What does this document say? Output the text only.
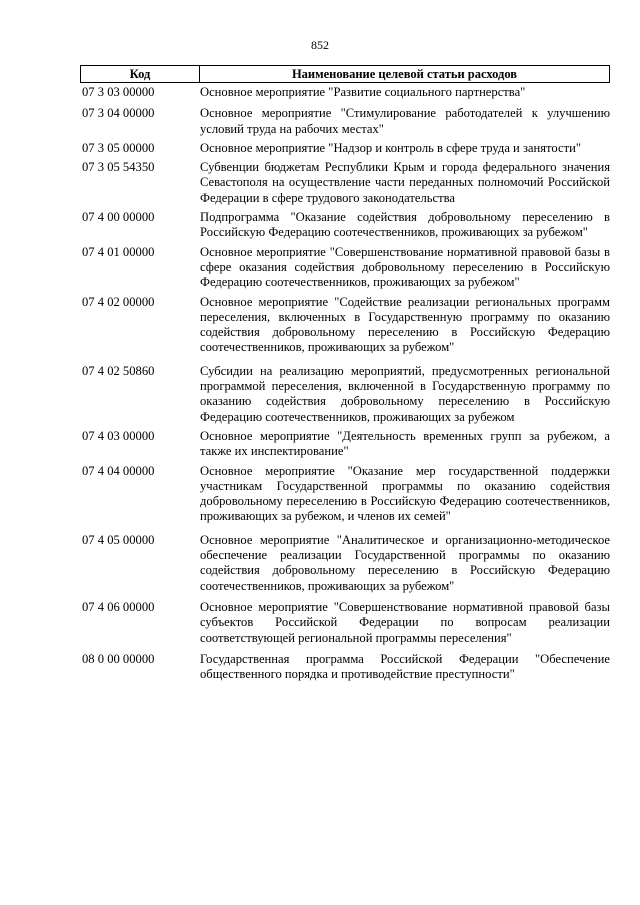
852
Код	Наименование целевой статьи расходов
07 3 03 00000	Основное мероприятие "Развитие социального партнерства"
07 3 04 00000	Основное мероприятие "Стимулирование работодателей к улучшению условий труда на рабочих местах"
07 3 05 00000	Основное мероприятие "Надзор и контроль в сфере труда и занятости"
07 3 05 54350	Субвенции бюджетам Республики Крым и города федерального значения Севастополя на осуществление части переданных полномочий Российской Федерации в сфере трудового законодательства
07 4 00 00000	Подпрограмма "Оказание содействия добровольному переселению в Российскую Федерацию соотечественников, проживающих за рубежом"
07 4 01 00000	Основное мероприятие "Совершенствование нормативной правовой базы в сфере оказания содействия добровольному переселению в Российскую Федерацию соотечественников, проживающих за рубежом"
07 4 02 00000	Основное мероприятие "Содействие реализации региональных программ переселения, включенных в Государственную программу по оказанию содействия добровольному переселению в Российскую Федерацию соотечественников, проживающих за рубежом"
07 4 02 50860	Субсидии на реализацию мероприятий, предусмотренных региональной программой переселения, включенной в Государственную программу по оказанию содействия добровольному переселению в Российскую Федерацию соотечественников, проживающих за рубежом
07 4 03 00000	Основное мероприятие "Деятельность временных групп за рубежом, а также их инспектирование"
07 4 04 00000	Основное мероприятие "Оказание мер государственной поддержки участникам Государственной программы по оказанию содействия добровольному переселению в Российскую Федерацию соотечественников, проживающих за рубежом, и членов их семей"
07 4 05 00000	Основное мероприятие "Аналитическое и организационно-методическое обеспечение реализации Государственной программы по оказанию содействия добровольному переселению в Российскую Федерацию соотечественников, проживающих за рубежом"
07 4 06 00000	Основное мероприятие "Совершенствование нормативной правовой базы субъектов Российской Федерации по вопросам реализации соответствующей региональной программы переселения"
08 0 00 00000	Государственная программа Российской Федерации "Обеспечение общественного порядка и противодействие преступности"
